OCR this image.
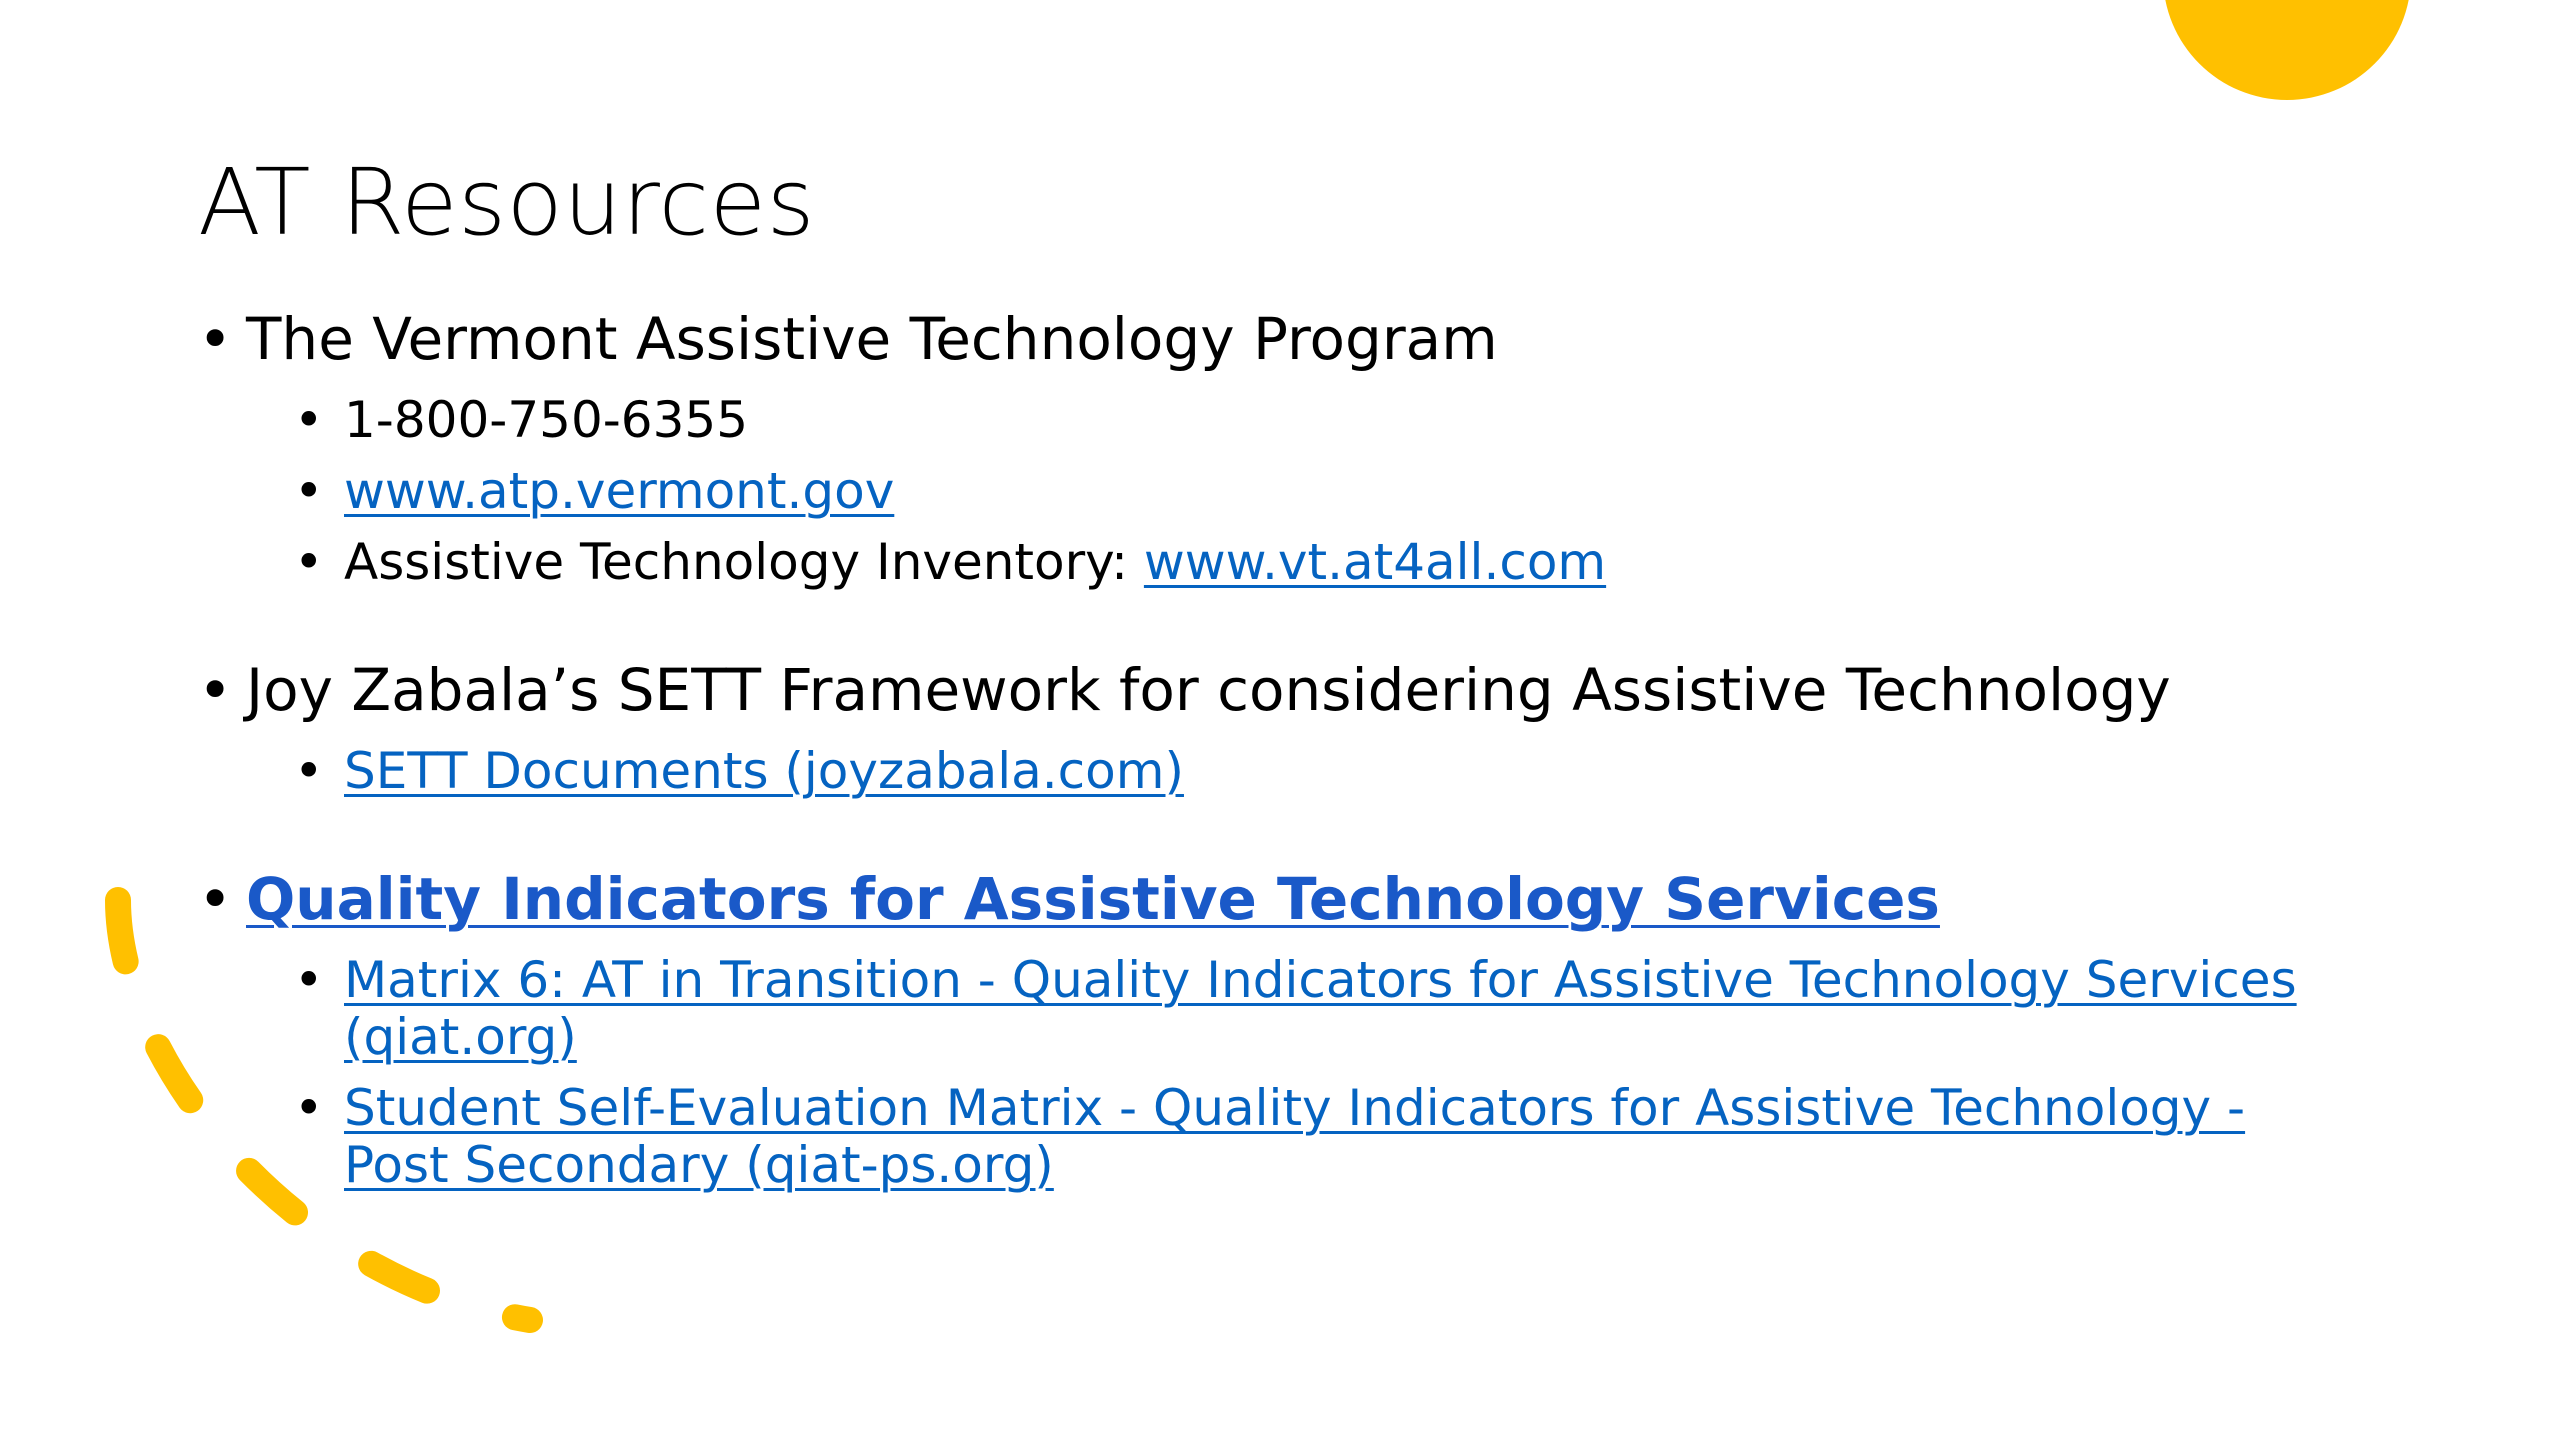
AT Resources
• The Vermont Assistive Technology Program
• 1-800-750-6355
• www.atp.vermont.gov
• Assistive Technology Inventory: www.vt.at4all.com
• Joy Zabala’s SETT Framework for considering Assistive Technology
• SETT Documents (joyzabala.com)
• Quality Indicators for Assistive Technology Services
• Matrix 6: AT in Transition - Quality Indicators for Assistive Technology Services (qiat.org)
• Student Self-Evaluation Matrix - Quality Indicators for Assistive Technology - Post Secondary (qiat-ps.org)
